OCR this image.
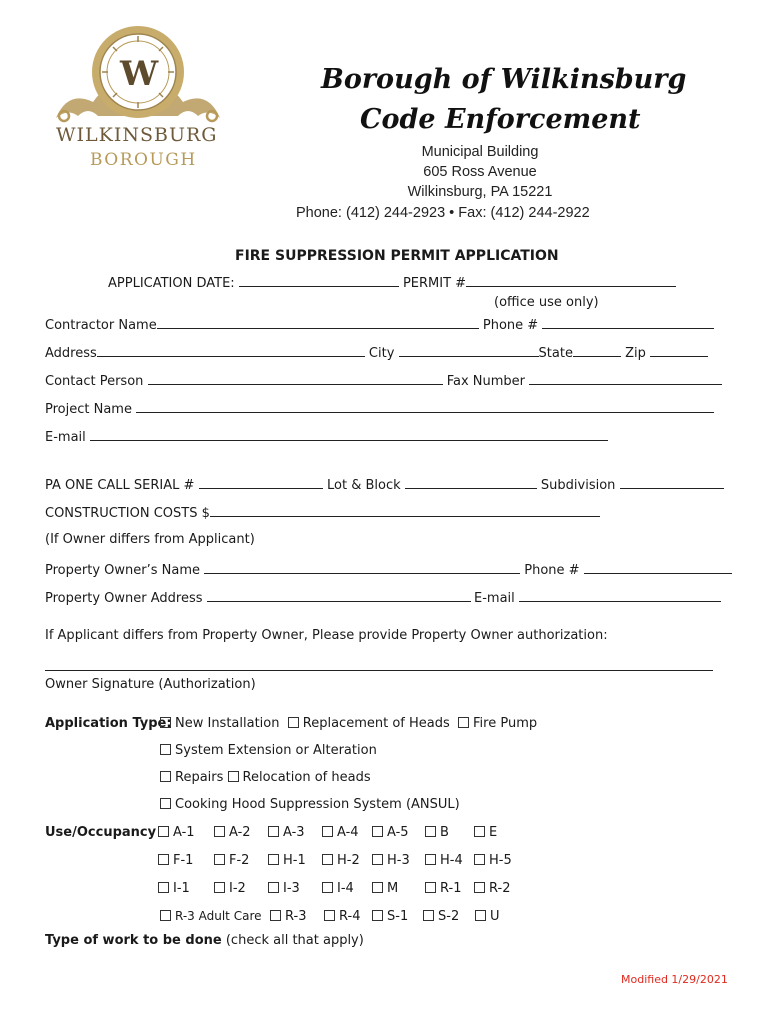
W
WILKINSBURG
BOROUGH
Borough of Wilkinsburg
Code Enforcement
Municipal Building
605 Ross Avenue
Wilkinsburg, PA 15221
Phone: (412) 244-2923 • Fax: (412) 244-2922
FIRE SUPPRESSION PERMIT APPLICATION
APPLICATION DATE:	PERMIT #
(office use only)
Contractor Name	Phone #
Address	City	State	Zip
Contact Person	Fax Number
Project Name
E-mail
PA ONE CALL SERIAL #	Lot & Block	Subdivision
CONSTRUCTION COSTS $
(If Owner differs from Applicant)
Property Owner’s Name	Phone #
Property Owner Address	E-mail
If Applicant differs from Property Owner, Please provide Property Owner authorization:
Owner Signature (Authorization)
Application Type: New Installation Replacement of Heads Fire Pump
System Extension or Alteration
Repairs Relocation of heads
Cooking Hood Suppression System (ANSUL)
Use/Occupancy	A-1	A-2	A-3	A-4	A-5	B	E
F-1	F-2	H-1	H-2	H-3	H-4	H-5
I-1	I-2	I-3	I-4	M	R-1	R-2
R-3 Adult Care	R-3	R-4	S-1	S-2	U
Type of work to be done (check all that apply)
Modified 1/29/2021
